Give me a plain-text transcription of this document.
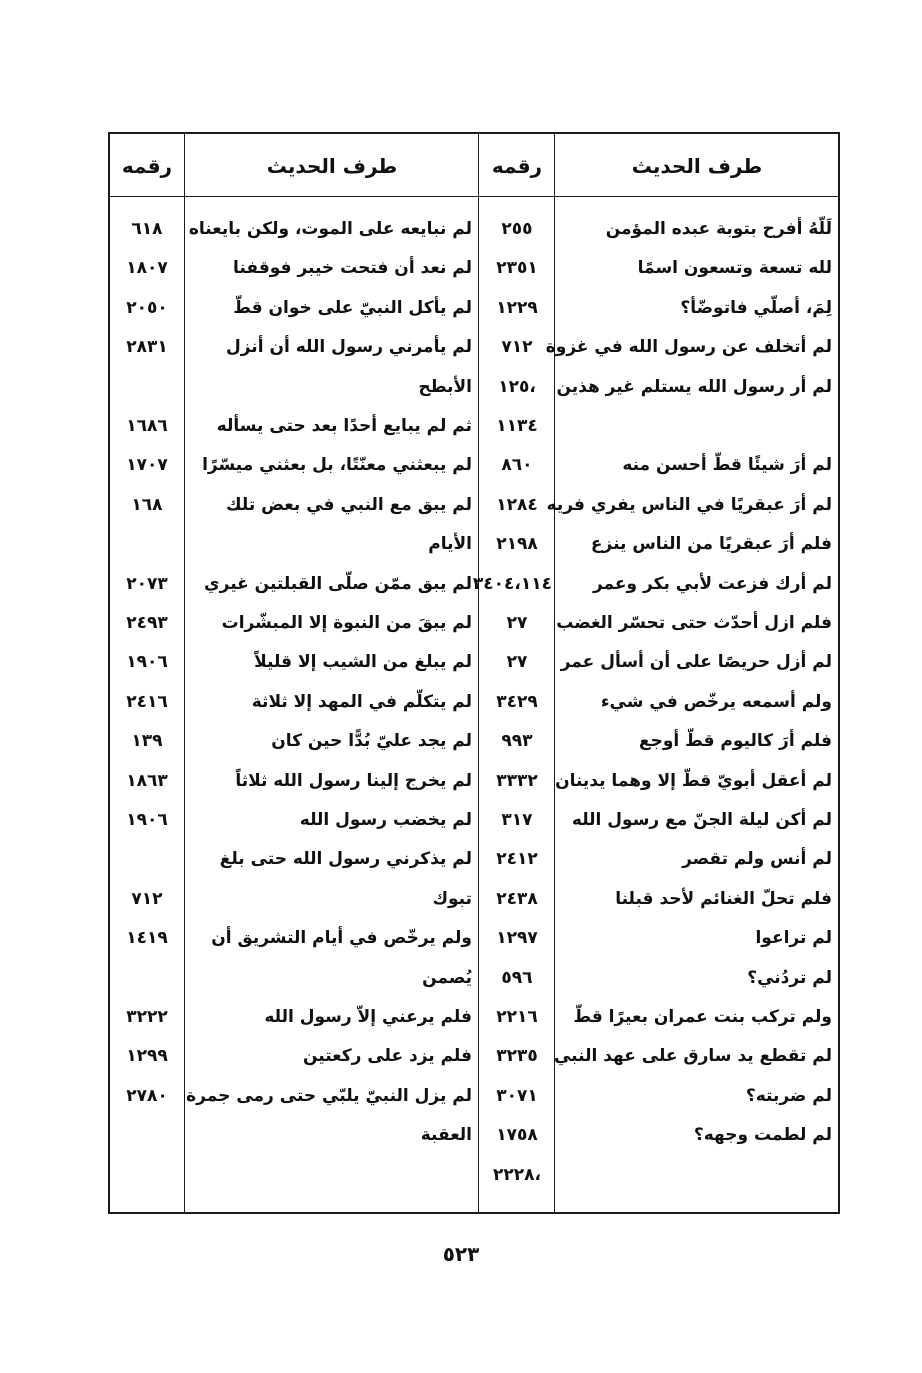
طرف الحديث
رقمه
طرف الحديث
رقمه
لَلّهُ أفرح بتوبة عبده المؤمن
٢٥٥
لله تسعة وتسعون اسمًا
٢٣٥١
لِمَ، أصلّي فاتوضّأ؟
١٢٢٩
لم أتخلف عن رسول الله في غزوة
٧١٢
لم أر رسول الله يستلم غير هذين
،١٢٥
١١٣٤
لم أرَ شيئًا قطّ أحسن منه
٨٦٠
لم أرَ عبقريًا في الناس يفري فريه
١٢٨٤
فلم أرَ عبقريًا من الناس ينزع
٢١٩٨
لم أرك فزعت لأبي بكر وعمر
٣٤٠٤،١١٤
فلم ازل أحدّث حتى تحسّر الغضب
٢٧
لم أزل حريصًا على أن أسأل عمر
٢٧
ولم أسمعه يرخّص في شيء
٣٤٢٩
فلم أرَ كاليوم قطّ أوجع
٩٩٣
لم أعقل أبويّ قطّ إلا وهما يدينان
٣٣٣٢
لم أكن ليلة الجنّ مع رسول الله
٣١٧
لم أنس ولم تقصر
٢٤١٢
فلم تحلّ الغنائم لأحد قبلنا
٢٤٣٨
لم تراعوا
١٢٩٧
لم تردُني؟
٥٩٦
ولم تركب بنت عمران بعيرًا قطّ
٢٢١٦
لم تقطع يد سارق على عهد النبي
٣٢٣٥
لم ضربته؟
٣٠٧١
لم لطمت وجهه؟
١٧٥٨
،٢٢٢٨
لم نبايعه على الموت، ولكن بايعناه
٦١٨
لم نعد أن فتحت خيبر فوقفنا
١٨٠٧
لم يأكل النبيّ على خوان قطّ
٢٠٥٠
لم يأمرني رسول الله أن أنزل
٢٨٣١
الأبطح
ثم لم يبايع أحدًا بعد حتى يسأله
١٦٨٦
لم يبعثني معنّتًا، بل بعثني ميسّرًا
١٧٠٧
لم يبق مع النبي في بعض تلك
١٦٨
الأيام
لم يبق ممّن صلّى القبلتين غيري
٢٠٧٣
لم يبقَ من النبوة إلا المبشّرات
٢٤٩٣
لم يبلغ من الشيب إلا قليلاً
١٩٠٦
لم يتكلّم في المهد إلا ثلاثة
٢٤١٦
لم يجد عليّ بُدًّا حين كان
١٣٩
لم يخرج إلينا رسول الله ثلاثاً
١٨٦٣
لم يخضب رسول الله
١٩٠٦
لم يذكرني رسول الله حتى بلغ
تبوك
٧١٢
ولم يرخّص في أيام التشريق أن
١٤١٩
يُصمن
فلم يرعني إلاّ رسول الله
٣٢٢٢
فلم يزد على ركعتين
١٢٩٩
لم يزل النبيّ يلبّي حتى رمى جمرة
٢٧٨٠
العقبة
٥٢٣
